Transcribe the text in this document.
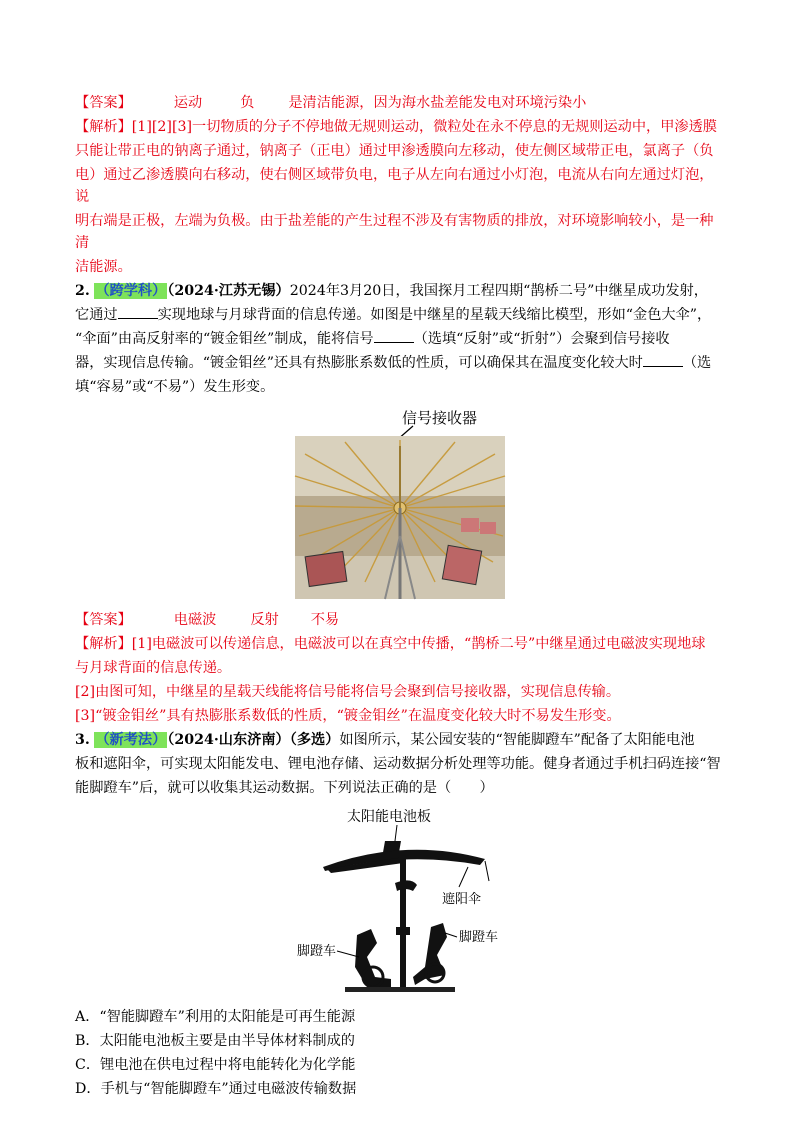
【答案】	运动	负 是清洁能源，因为海水盐差能发电对环境污染小
【解析】[1][2][3]一切物质的分子不停地做无规则运动，微粒处在永不停息的无规则运动中，甲渗透膜
只能让带正电的钠离子通过，钠离子（正电）通过甲渗透膜向左移动，使左侧区域带正电，氯离子（负
电）通过乙渗透膜向右移动，使右侧区域带负电，电子从左向右通过小灯泡，电流从右向左通过灯泡，说
明右端是正极，左端为负极。由于盐差能的产生过程不涉及有害物质的排放，对环境影响较小，是一种清
洁能源。
2. （跨学科）（2024·江苏无锡）2024年3月20日，我国探月工程四期“鹊桥二号”中继星成功发射，
它通过	实现地球与月球背面的信息传递。如图是中继星的星载天线缩比模型，形如“金色大伞”，
“伞面”由高反射率的“镀金钼丝”制成，能将信号	（选填“反射”或“折射”）会聚到信号接收
器，实现信息传输。“镀金钼丝”还具有热膨胀系数低的性质，可以确保其在温度变化较大时	（选
填“容易”或“不易”）发生形变。
信号接收器
【答案】	电磁波 反射 不易
【解析】[1]电磁波可以传递信息，电磁波可以在真空中传播，“鹊桥二号”中继星通过电磁波实现地球
与月球背面的信息传递。
[2]由图可知，中继星的星载天线能将信号能将信号会聚到信号接收器，实现信息传输。
[3]“镀金钼丝”具有热膨胀系数低的性质，“镀金钼丝”在温度变化较大时不易发生形变。
3. （新考法）（2024·山东济南）（多选）如图所示，某公园安装的“智能脚蹬车”配备了太阳能电池
板和遮阳伞，可实现太阳能发电、锂电池存储、运动数据分析处理等功能。健身者通过手机扫码连接“智
能脚蹬车”后，就可以收集其运动数据。下列说法正确的是（　　）
太阳能电池板
遮阳伞
脚蹬车
脚蹬车
A．“智能脚蹬车”利用的太阳能是可再生能源
B．太阳能电池板主要是由半导体材料制成的
C．锂电池在供电过程中将电能转化为化学能
D．手机与“智能脚蹬车”通过电磁波传输数据
